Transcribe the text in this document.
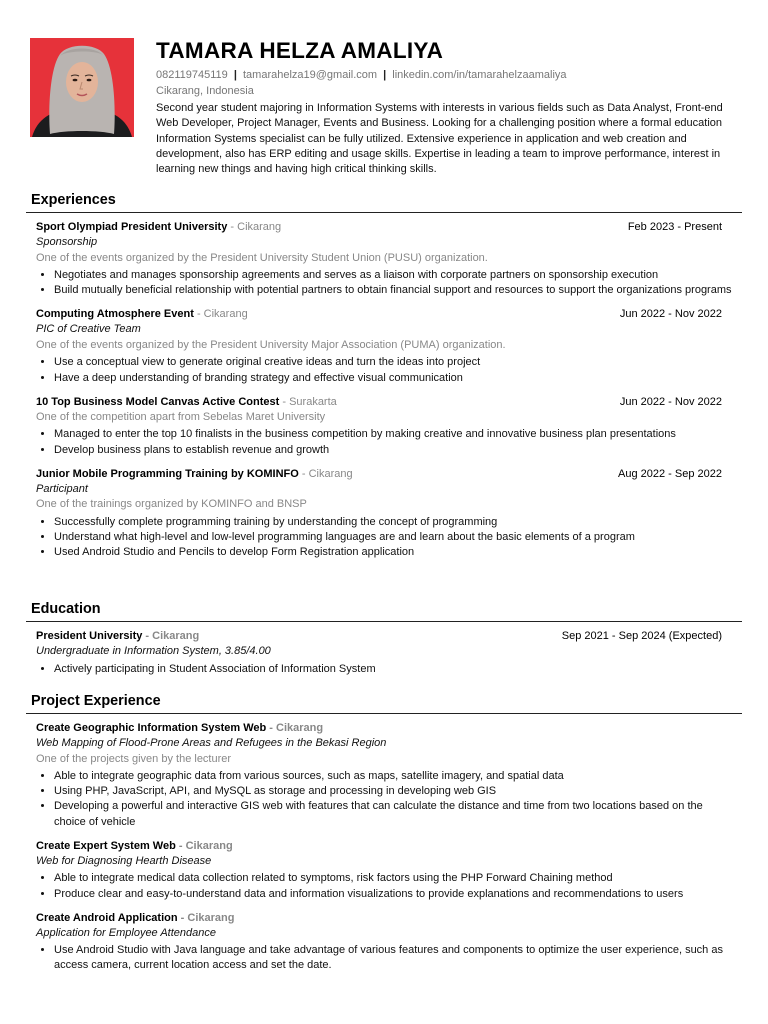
TAMARA HELZA AMALIYA
082119745119 | tamarahelza19@gmail.com | linkedin.com/in/tamarahelzaamaliya
Cikarang, Indonesia
Second year student majoring in Information Systems with interests in various fields such as Data Analyst, Front-end Web Developer, Project Manager, Events and Business. Looking for a challenging position where a formal education Information Systems specialist can be fully utilized. Extensive experience in application and web creation and development, also has ERP editing and usage skills. Expertise in leading a team to improve performance, interest in learning new things and having high critical thinking skills.
Experiences
Sport Olympiad President University - Cikarang	Feb 2023 - Present
Sponsorship
One of the events organized by the President University Student Union (PUSU) organization.
• Negotiates and manages sponsorship agreements and serves as a liaison with corporate partners on sponsorship execution
• Build mutually beneficial relationship with potential partners to obtain financial support and resources to support the organizations programs
Computing Atmosphere Event - Cikarang	Jun 2022 - Nov 2022
PIC of Creative Team
One of the events organized by the President University Major Association (PUMA) organization.
• Use a conceptual view to generate original creative ideas and turn the ideas into project
• Have a deep understanding of branding strategy and effective visual communication
10 Top Business Model Canvas Active Contest - Surakarta	Jun 2022 - Nov 2022
One of the competition apart from Sebelas Maret University
• Managed to enter the top 10 finalists in the business competition by making creative and innovative business plan presentations
• Develop business plans to establish revenue and growth
Junior Mobile Programming Training by KOMINFO - Cikarang	Aug 2022 - Sep 2022
Participant
One of the trainings organized by KOMINFO and BNSP
• Successfully complete programming training by understanding the concept of programming
• Understand what high-level and low-level programming languages are and learn about the basic elements of a program
• Used Android Studio and Pencils to develop Form Registration application
Education
President University - Cikarang	Sep 2021 - Sep 2024 (Expected)
Undergraduate in Information System, 3.85/4.00
• Actively participating in Student Association of Information System
Project Experience
Create Geographic Information System Web - Cikarang
Web Mapping of Flood-Prone Areas and Refugees in the Bekasi Region
One of the projects given by the lecturer
• Able to integrate geographic data from various sources, such as maps, satellite imagery, and spatial data
• Using PHP, JavaScript, API, and MySQL as storage and processing in developing web GIS
• Developing a powerful and interactive GIS web with features that can calculate the distance and time from two locations based on the choice of vehicle
Create Expert System Web - Cikarang
Web for Diagnosing Hearth Disease
• Able to integrate medical data collection related to symptoms, risk factors using the PHP Forward Chaining method
• Produce clear and easy-to-understand data and information visualizations to provide explanations and recommendations to users
Create Android Application - Cikarang
Application for Employee Attendance
• Use Android Studio with Java language and take advantage of various features and components to optimize the user experience, such as access camera, current location access and set the date.
